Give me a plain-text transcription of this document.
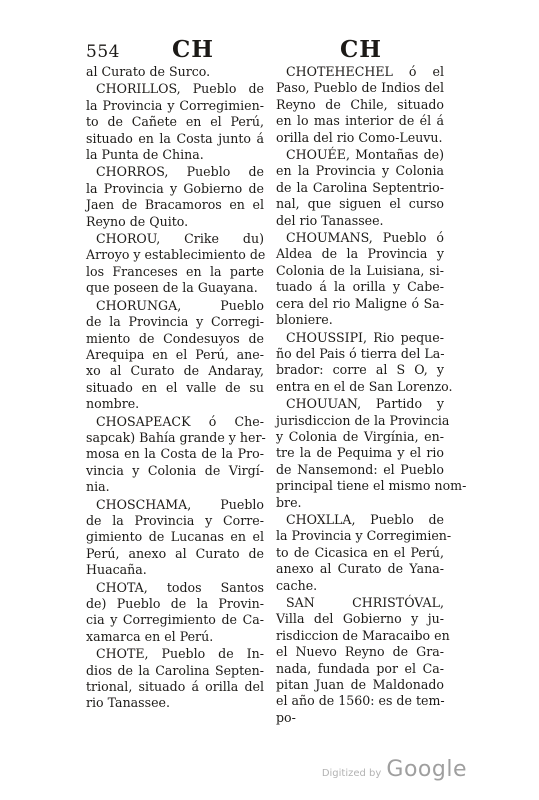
554 CH	CH
al Curato de Surco.
CHORILLOS, Pueblo de
la Provincia y Corregimien-
to de Cañete en el Perú,
situado en la Costa junto á
la Punta de China.
CHORROS, Pueblo de
la Provincia y Gobierno de
Jaen de Bracamoros en el
Reyno de Quito.
CHOROU, Crike du)
Arroyo y establecimiento de
los Franceses en la parte
que poseen de la Guayana.
CHORUNGA, Pueblo
de la Provincia y Corregi-
miento de Condesuyos de
Arequipa en el Perú, ane-
xo al Curato de Andaray,
situado en el valle de su
nombre.
CHOSAPEACK ó Che-
sapcak) Bahía grande y her-
mosa en la Costa de la Pro-
vincia y Colonia de Virgí-
nia.
CHOSCHAMA, Pueblo
de la Provincia y Corre-
gimiento de Lucanas en el
Perú, anexo al Curato de
Huacaña.
CHOTA, todos Santos
de) Pueblo de la Provin-
cia y Corregimiento de Ca-
xamarca en el Perú.
CHOTE, Pueblo de In-
dios de la Carolina Septen-
trional, situado á orilla del
rio Tanassee.
CHOTEHECHEL ó el
Paso, Pueblo de Indios del
Reyno de Chile, situado
en lo mas interior de él á
orilla del rio Como-Leuvu.
CHOUÉE, Montañas de)
en la Provincia y Colonia
de la Carolina Septentrio-
nal, que siguen el curso
del rio Tanassee.
CHOUMANS, Pueblo ó
Aldea de la Provincia y
Colonia de la Luisiana, si-
tuado á la orilla y Cabe-
cera del rio Maligne ó Sa-
bloniere.
CHOUSSIPI, Rio peque-
ño del Pais ó tierra del La-
brador: corre al S O, y
entra en el de San Lorenzo.
CHOUUAN, Partido y
jurisdiccion de la Provincia
y Colonia de Virgínia, en-
tre la de Pequima y el rio
de Nansemond: el Pueblo
principal tiene el mismo nom-
bre.
CHOXLLA, Pueblo de
la Provincia y Corregimien-
to de Cicasica en el Perú,
anexo al Curato de Yana-
cache.
SAN CHRISTÓVAL,
Villa del Gobierno y ju-
risdiccion de Maracaibo en
el Nuevo Reyno de Gra-
nada, fundada por el Ca-
pitan Juan de Maldonado
el año de 1560: es de tem-
po-
Digitized by Google
